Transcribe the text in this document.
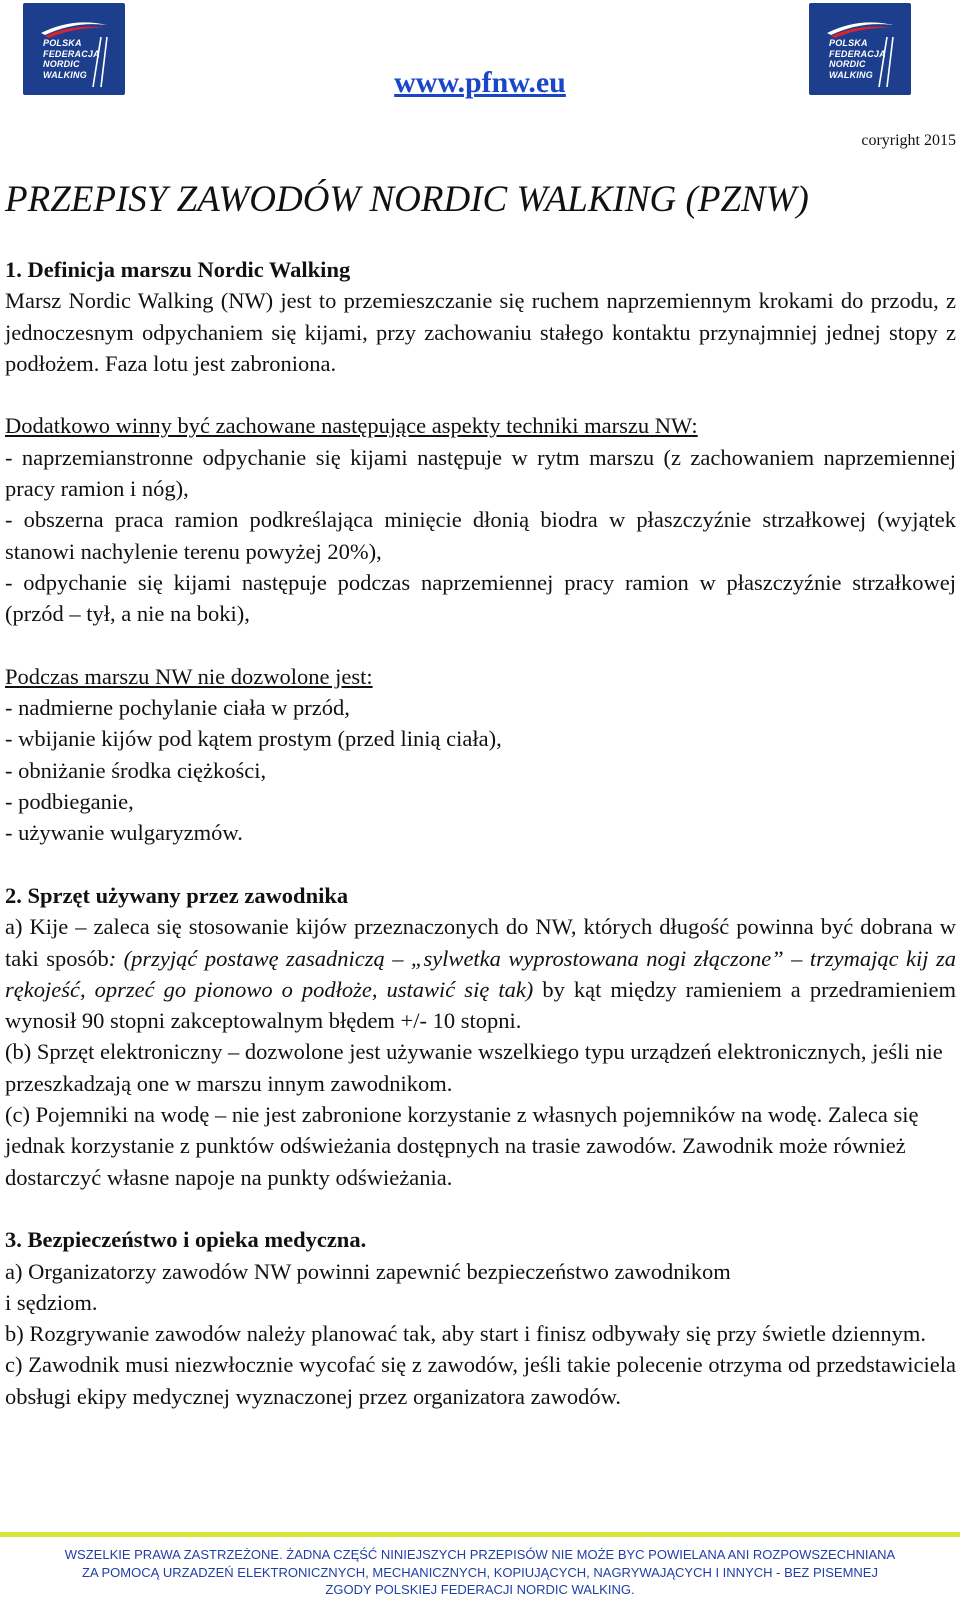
POLSKA
FEDERACJA
NORDIC
WALKING
POLSKA
FEDERACJA
NORDIC
WALKING
www.pfnw.eu
coryright 2015
PRZEPISY ZAWODÓW NORDIC WALKING (PZNW)

1. Definicja marszu Nordic Walking

Marsz Nordic Walking (NW) jest to przemieszczanie się ruchem naprzemiennym krokami do przodu, z jednoczesnym odpychaniem się kijami, przy zachowaniu stałego kontaktu przynajmniej jednej stopy z podłożem. Faza lotu jest zabroniona.

Dodatkowo winny być zachowane następujące aspekty techniki marszu NW:

- naprzemianstronne odpychanie się kijami następuje w rytm marszu (z zachowaniem naprzemiennej pracy ramion i nóg),

- obszerna praca ramion podkreślająca minięcie dłonią biodra w płaszczyźnie strzałkowej (wyjątek stanowi nachylenie terenu powyżej 20%),

- odpychanie się kijami następuje podczas naprzemiennej pracy ramion w płaszczyźnie strzałkowej (przód – tył, a nie na boki),

Podczas marszu NW nie dozwolone jest:

- nadmierne pochylanie ciała w przód,

- wbijanie kijów pod kątem prostym (przed linią ciała),

- obniżanie środka ciężkości,

- podbieganie,

- używanie wulgaryzmów.

2. Sprzęt używany przez zawodnika

a) Kije – zaleca się stosowanie kijów przeznaczonych do NW, których długość powinna być dobrana w taki sposób: (przyjąć postawę zasadniczą – „sylwetka wyprostowana nogi złączone” – trzymając kij za rękojeść, oprzeć go pionowo o podłoże, ustawić się tak) by kąt między ramieniem a przedramieniem wynosił 90 stopni zakceptowalnym błędem +/- 10 stopni.

(b) Sprzęt elektroniczny – dozwolone jest używanie wszelkiego typu urządzeń elektronicznych, jeśli nie przeszkadzają one w marszu innym zawodnikom.

(c) Pojemniki na wodę – nie jest zabronione korzystanie z własnych pojemników na wodę. Zaleca się jednak korzystanie z punktów odświeżania dostępnych na trasie zawodów. Zawodnik może również dostarczyć własne napoje na punkty odświeżania.

3. Bezpieczeństwo i opieka medyczna.

a) Organizatorzy zawodów NW powinni zapewnić bezpieczeństwo zawodnikom

i sędziom.

b) Rozgrywanie zawodów należy planować tak, aby start i finisz odbywały się przy świetle dziennym.

c) Zawodnik musi niezwłocznie wycofać się z zawodów, jeśli takie polecenie otrzyma od przedstawiciela obsługi ekipy medycznej wyznaczonej przez organizatora zawodów.

WSZELKIE PRAWA ZASTRZEŻONE. ŻADNA CZĘŚĆ NINIEJSZYCH PRZEPISÓW NIE MOŻE BYC POWIELANA ANI ROZPOWSZECHNIANA
ZA POMOCĄ URZADZEŃ ELEKTRONICZNYCH, MECHANICZNYCH, KOPIUJĄCYCH, NAGRYWAJĄCYCH I INNYCH - BEZ PISEMNEJ
ZGODY POLSKIEJ FEDERACJI NORDIC WALKING.
